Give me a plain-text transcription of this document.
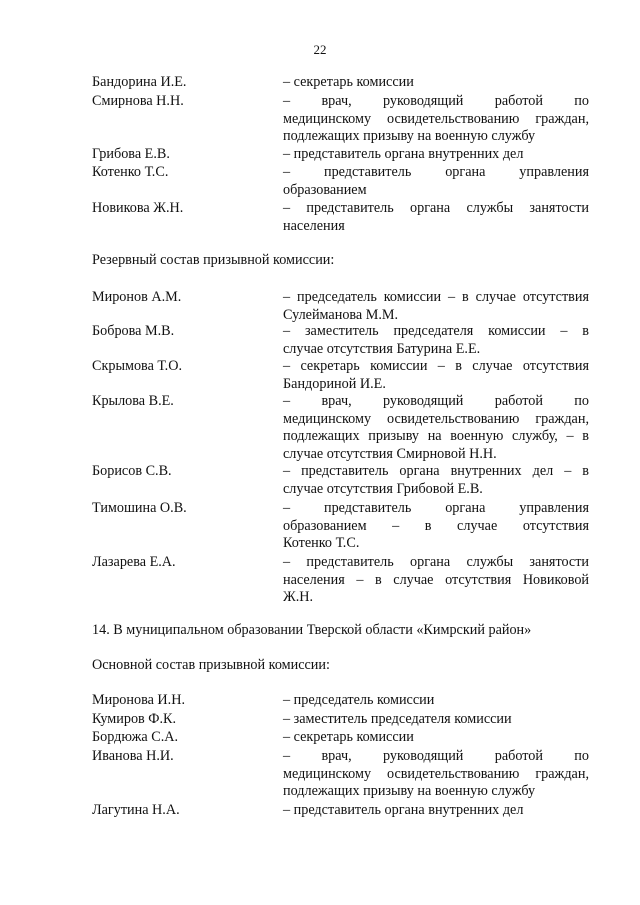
22
Бандорина И.Е.	– секретарь комиссии
Смирнова Н.Н.	– врач, руководящий работой по
медицинскому освидетельствованию граждан,
подлежащих призыву на военную службу
Грибова Е.В.	– представитель органа внутренних дел
Котенко Т.С.	– представитель органа управления
образованием
Новикова Ж.Н.	– представитель органа службы занятости
населения
Резервный состав призывной комиссии:
Миронов А.М.	– председатель комиссии – в случае отсутствия
Сулейманова М.М.
Боброва М.В.	– заместитель председателя комиссии – в
случае отсутствия Батурина Е.Е.
Скрымова Т.О.	– секретарь комиссии – в случае отсутствия
Бандориной И.Е.
Крылова В.Е.	– врач, руководящий работой по
медицинскому освидетельствованию граждан,
подлежащих призыву на военную службу, – в
случае отсутствия Смирновой Н.Н.
Борисов С.В.	– представитель органа внутренних дел – в
случае отсутствия Грибовой Е.В.
Тимошина О.В.	– представитель органа управления
образованием – в случае отсутствия
Котенко Т.С.
Лазарева Е.А.	– представитель органа службы занятости
населения – в случае отсутствия Новиковой
Ж.Н.
14. В муниципальном образовании Тверской области «Кимрский район»
Основной состав призывной комиссии:
Миронова И.Н.	– председатель комиссии
Кумиров Ф.К.	– заместитель председателя комиссии
Бордюжа С.А.	– секретарь комиссии
Иванова Н.И.	– врач, руководящий работой по
медицинскому освидетельствованию граждан,
подлежащих призыву на военную службу
Лагутина Н.А.	– представитель органа внутренних дел
